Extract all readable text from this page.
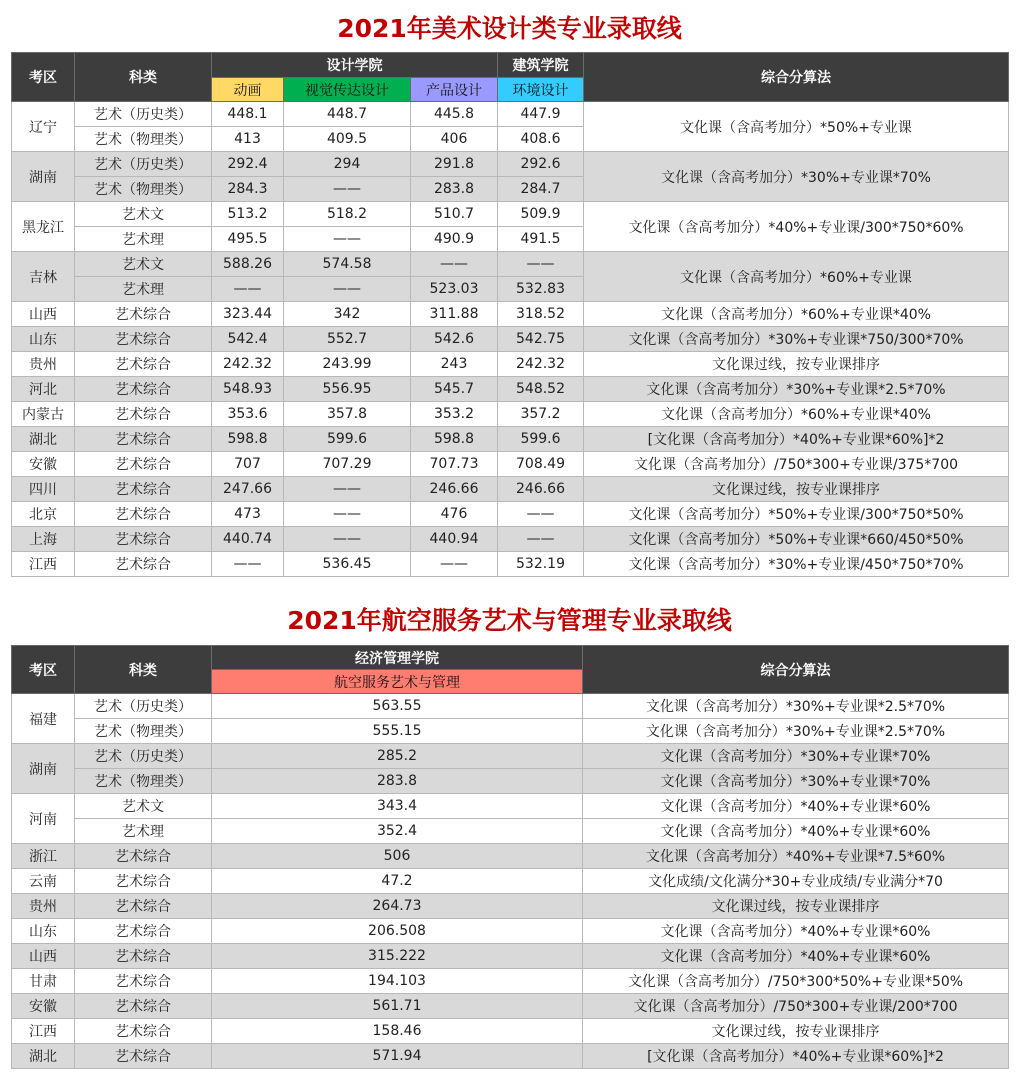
2021年美术设计类专业录取线
考区	科类	设计学院			建筑学院	综合分算法
		动画	视觉传达设计	产品设计	环境设计	
辽宁	艺术（历史类）	448.1	448.7	445.8	447.9	文化课（含高考加分）*50%+专业课
	艺术（物理类）	413	409.5	406	408.6	
湖南	艺术（历史类）	292.4	294	291.8	292.6	文化课（含高考加分）*30%+专业课*70%
	艺术（物理类）	284.3	——	283.8	284.7	
黑龙江	艺术文	513.2	518.2	510.7	509.9	文化课（含高考加分）*40%+专业课/300*750*60%
	艺术理	495.5	——	490.9	491.5	
吉林	艺术文	588.26	574.58	——	——	文化课（含高考加分）*60%+专业课
	艺术理	——	——	523.03	532.83	
山西	艺术综合	323.44	342	311.88	318.52	文化课（含高考加分）*60%+专业课*40%
山东	艺术综合	542.4	552.7	542.6	542.75	文化课（含高考加分）*30%+专业课*750/300*70%
贵州	艺术综合	242.32	243.99	243	242.32	文化课过线，按专业课排序
河北	艺术综合	548.93	556.95	545.7	548.52	文化课（含高考加分）*30%+专业课*2.5*70%
内蒙古	艺术综合	353.6	357.8	353.2	357.2	文化课（含高考加分）*60%+专业课*40%
湖北	艺术综合	598.8	599.6	598.8	599.6	[文化课（含高考加分）*40%+专业课*60%]*2
安徽	艺术综合	707	707.29	707.73	708.49	文化课（含高考加分）/750*300+专业课/375*700
四川	艺术综合	247.66	——	246.66	246.66	文化课过线，按专业课排序
北京	艺术综合	473	——	476	——	文化课（含高考加分）*50%+专业课/300*750*50%
上海	艺术综合	440.74	——	440.94	——	文化课（含高考加分）*50%+专业课*660/450*50%
江西	艺术综合	——	536.45	——	532.19	文化课（含高考加分）*30%+专业课/450*750*70%
2021年航空服务艺术与管理专业录取线
考区	科类	经济管理学院	综合分算法
		航空服务艺术与管理	
福建	艺术（历史类）	563.55	文化课（含高考加分）*30%+专业课*2.5*70%
	艺术（物理类）	555.15	文化课（含高考加分）*30%+专业课*2.5*70%
湖南	艺术（历史类）	285.2	文化课（含高考加分）*30%+专业课*70%
	艺术（物理类）	283.8	文化课（含高考加分）*30%+专业课*70%
河南	艺术文	343.4	文化课（含高考加分）*40%+专业课*60%
	艺术理	352.4	文化课（含高考加分）*40%+专业课*60%
浙江	艺术综合	506	文化课（含高考加分）*40%+专业课*7.5*60%
云南	艺术综合	47.2	文化成绩/文化满分*30+专业成绩/专业满分*70
贵州	艺术综合	264.73	文化课过线，按专业课排序
山东	艺术综合	206.508	文化课（含高考加分）*40%+专业课*60%
山西	艺术综合	315.222	文化课（含高考加分）*40%+专业课*60%
甘肃	艺术综合	194.103	文化课（含高考加分）/750*300*50%+专业课*50%
安徽	艺术综合	561.71	文化课（含高考加分）/750*300+专业课/200*700
江西	艺术综合	158.46	文化课过线，按专业课排序
湖北	艺术综合	571.94	[文化课（含高考加分）*40%+专业课*60%]*2
